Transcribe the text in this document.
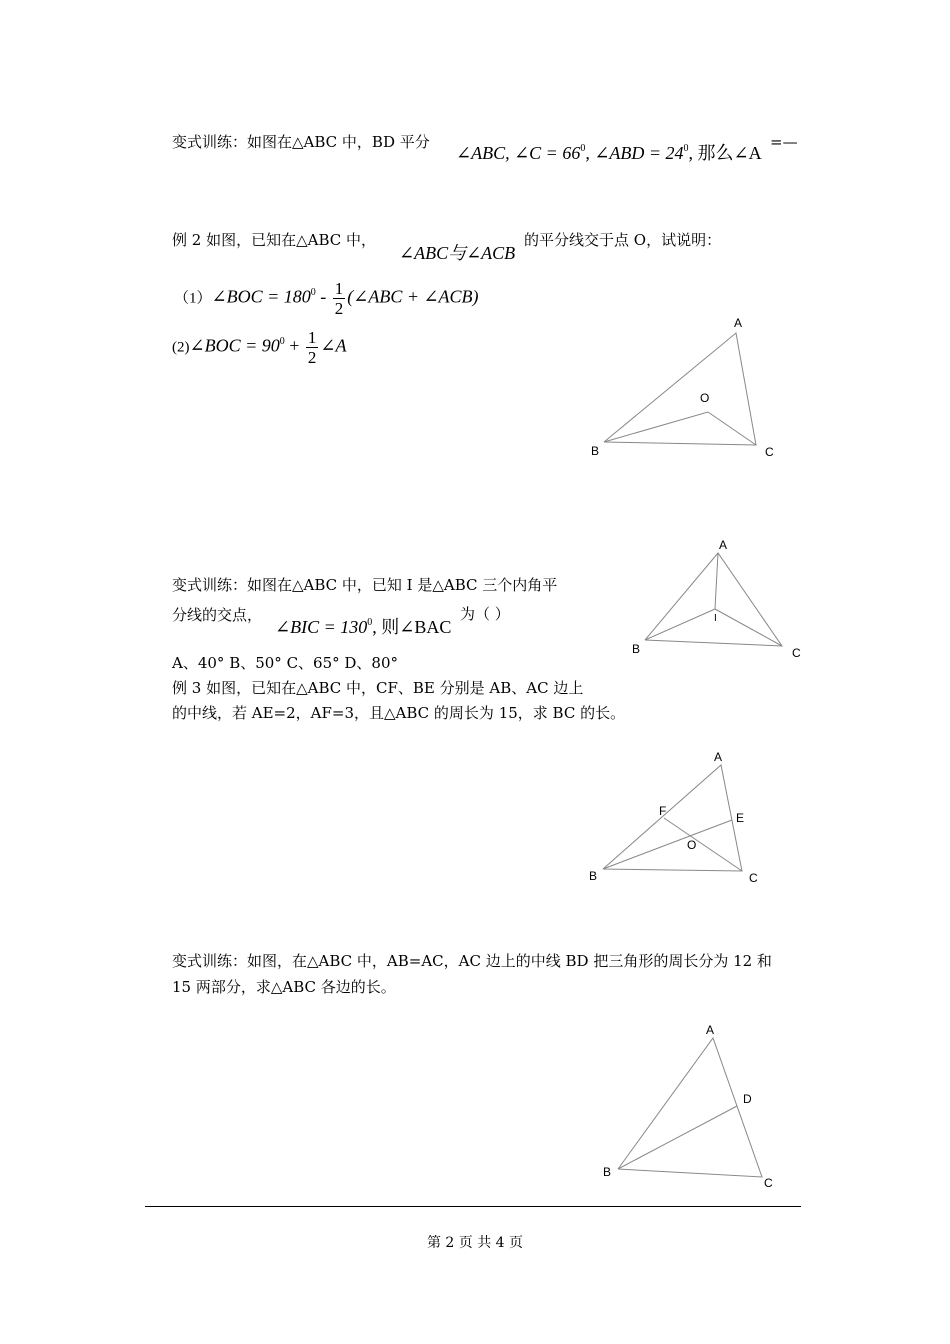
变式训练：如图在△ABC 中，BD 平分
∠ABC, ∠C = $66^0$, ∠ABD = $24^0$, 那么∠A
=—
例 2 如图，已知在△ABC 中，
∠ABC与∠ACB
的平分线交于点 O，试说明：
（1）∠BOC = $180^0 - \frac{1}{2}$ (∠ABC + ∠ACB)
(2)∠BOC = $90^0 + \frac{1}{2}$ ∠A
A
O
B	C
A
I
B	C
A
F	E
O
B	C
A
D
B
C
变式训练：如图在△ABC 中，已知 I 是△ABC 三个内角平
分线的交点，
∠BIC = $130^0$, 则∠BAC
为（ ）
A、40° B、50° C、65° D、80°
例 3 如图，已知在△ABC 中，CF、BE 分别是 AB、AC 边上
的中线，若 AE=2，AF=3，且△ABC 的周长为 15，求 BC 的长。
变式训练：如图，在△ABC 中，AB=AC，AC 边上的中线 BD 把三角形的周长分为 12 和
15 两部分，求△ABC 各边的长。
第 2 页 共 4 页
